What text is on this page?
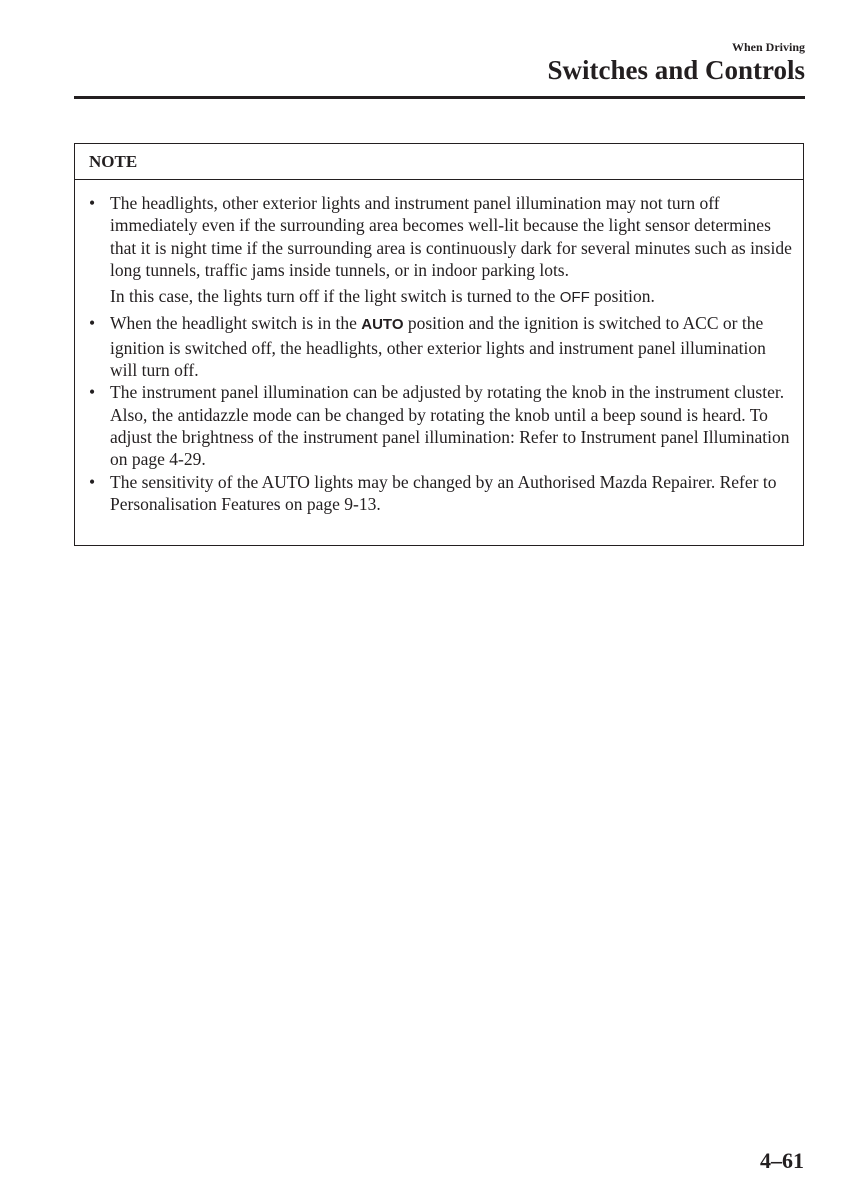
When Driving
Switches and Controls
NOTE
• The headlights, other exterior lights and instrument panel illumination may not turn off immediately even if the surrounding area becomes well-lit because the light sensor determines that it is night time if the surrounding area is continuously dark for several minutes such as inside long tunnels, traffic jams inside tunnels, or in indoor parking lots.

In this case, the lights turn off if the light switch is turned to the OFF position.

• When the headlight switch is in the AUTO position and the ignition is switched to ACC or the ignition is switched off, the headlights, other exterior lights and instrument panel illumination will turn off.

• The instrument panel illumination can be adjusted by rotating the knob in the instrument cluster. Also, the antidazzle mode can be changed by rotating the knob until a beep sound is heard. To adjust the brightness of the instrument panel illumination: Refer to Instrument panel Illumination on page 4-29.

• The sensitivity of the AUTO lights may be changed by an Authorised Mazda Repairer. Refer to Personalisation Features on page 9-13.

4–61
